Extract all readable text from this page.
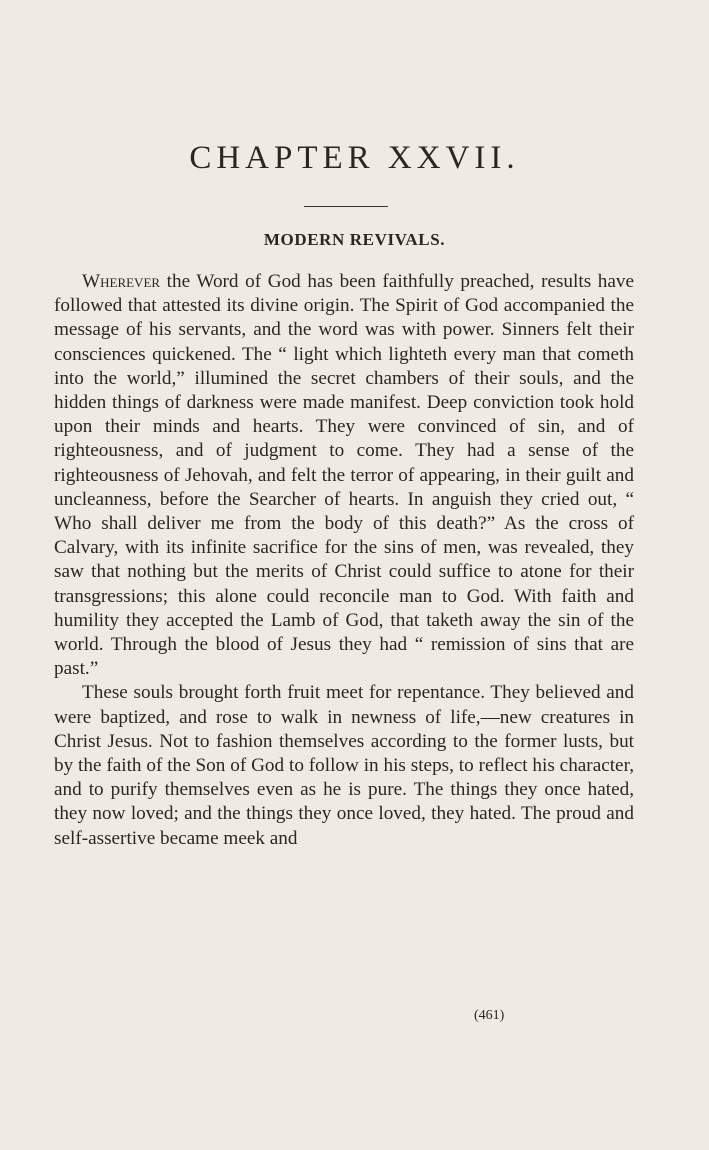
CHAPTER XXVII.
MODERN REVIVALS.

Wherever the Word of God has been faithfully preached, results have followed that attested its divine origin. The Spirit of God accompanied the message of his servants, and the word was with power. Sinners felt their consciences quickened. The “ light which lighteth every man that cometh into the world,” illumined the secret chambers of their souls, and the hidden things of darkness were made manifest. Deep conviction took hold upon their minds and hearts. They were convinced of sin, and of righteousness, and of judgment to come. They had a sense of the righteousness of Jehovah, and felt the terror of appearing, in their guilt and uncleanness, before the Searcher of hearts. In anguish they cried out, “ Who shall deliver me from the body of this death?” As the cross of Calvary, with its infinite sacrifice for the sins of men, was revealed, they saw that nothing but the merits of Christ could suffice to atone for their transgressions; this alone could reconcile man to God. With faith and humility they accepted the Lamb of God, that taketh away the sin of the world. Through the blood of Jesus they had “ remission of sins that are past.”

These souls brought forth fruit meet for repentance. They believed and were baptized, and rose to walk in newness of life,—new creatures in Christ Jesus. Not to fashion themselves according to the former lusts, but by the faith of the Son of God to follow in his steps, to reflect his character, and to purify themselves even as he is pure. The things they once hated, they now loved; and the things they once loved, they hated. The proud and self-assertive became meek and

(461)
